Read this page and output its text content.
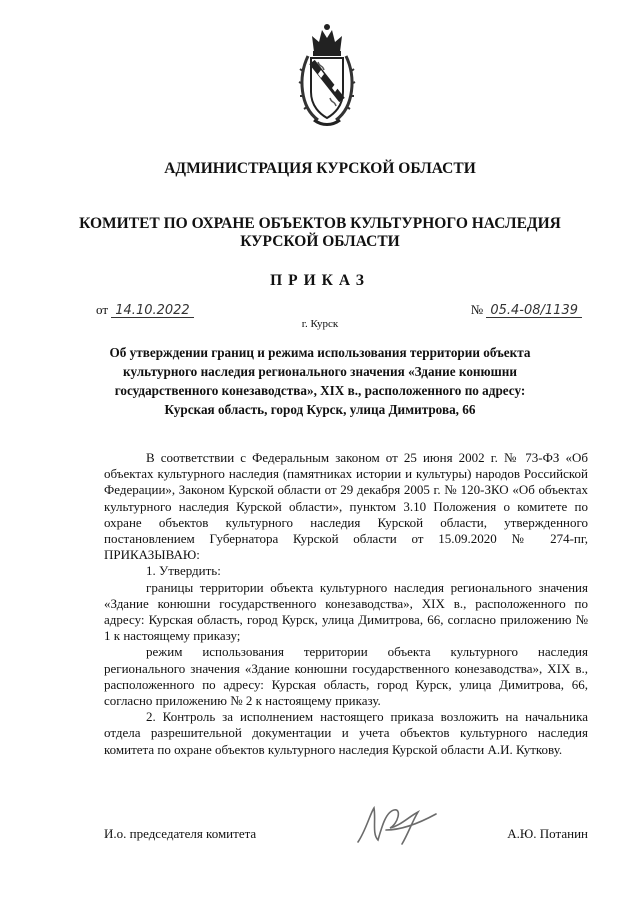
АДМИНИСТРАЦИЯ КУРСКОЙ ОБЛАСТИ
КОМИТЕТ ПО ОХРАНЕ ОБЪЕКТОВ КУЛЬТУРНОГО НАСЛЕДИЯ
КУРСКОЙ ОБЛАСТИ
ПРИКАЗ
от 14.10.2022	№ 05.4-08/1139
г. Курск
Об утверждении границ и режима использования территории объекта
культурного наследия регионального значения «Здание конюшни
государственного конезаводства», XIX в., расположенного по адресу:
Курская область, город Курск, улица Димитрова, 66

В соответствии с Федеральным законом от 25 июня 2002 г. № 73-ФЗ «Об объектах культурного наследия (памятниках истории и культуры) народов Российской Федерации», Законом Курской области от 29 декабря 2005 г. № 120-ЗКО «Об объектах культурного наследия Курской области», пунктом 3.10 Положения о комитете по охране объектов культурного наследия Курской области, утвержденного постановлением Губернатора Курской области от 15.09.2020 № 274-пг, ПРИКАЗЫВАЮ:

1. Утвердить:

границы территории объекта культурного наследия регионального значения «Здание конюшни государственного конезаводства», XIX в., расположенного по адресу: Курская область, город Курск, улица Димитрова, 66, согласно приложению № 1 к настоящему приказу;

режим использования территории объекта культурного наследия регионального значения «Здание конюшни государственного конезаводства», XIX в., расположенного по адресу: Курская область, город Курск, улица Димитрова, 66, согласно приложению № 2 к настоящему приказу.

2. Контроль за исполнением настоящего приказа возложить на начальника отдела разрешительной документации и учета объектов культурного наследия комитета по охране объектов культурного наследия Курской области А.И. Куткову.

И.о. председателя комитета	А.Ю. Потанин
